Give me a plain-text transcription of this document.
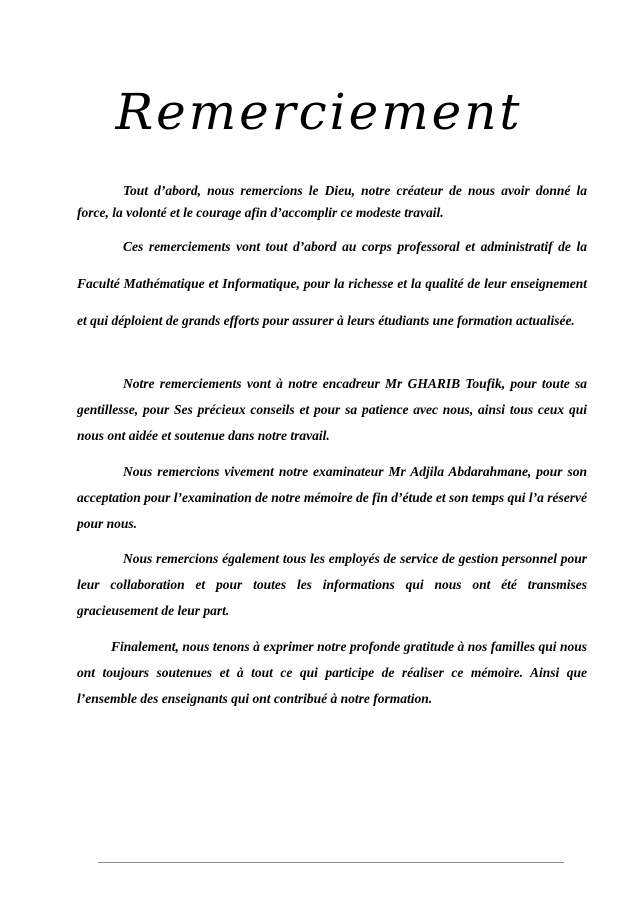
Remerciement

Tout d’abord, nous remercions le Dieu, notre créateur de nous avoir donné la force, la volonté et le courage afin d’accomplir ce modeste travail.

Ces remerciements vont tout d’abord au corps professoral et administratif de la Faculté Mathématique et Informatique, pour la richesse et la qualité de leur enseignement et qui déploient de grands efforts pour assurer à leurs étudiants une formation actualisée.

Notre remerciements vont à notre encadreur Mr GHARIB Toufik, pour toute sa gentillesse, pour Ses précieux conseils et pour sa patience avec nous, ainsi tous ceux qui nous ont aidée et soutenue dans notre travail.

Nous remercions vivement notre examinateur Mr Adjila Abdarahmane, pour son acceptation pour l’examination de notre mémoire de fin d’étude et son temps qui l’a réservé pour nous.

Nous remercions également tous les employés de service de gestion personnel pour leur collaboration et pour toutes les informations qui nous ont été transmises gracieusement de leur part.

Finalement, nous tenons à exprimer notre profonde gratitude à nos familles qui nous ont toujours soutenues et à tout ce qui participe de réaliser ce mémoire. Ainsi que l’ensemble des enseignants qui ont contribué à notre formation.
